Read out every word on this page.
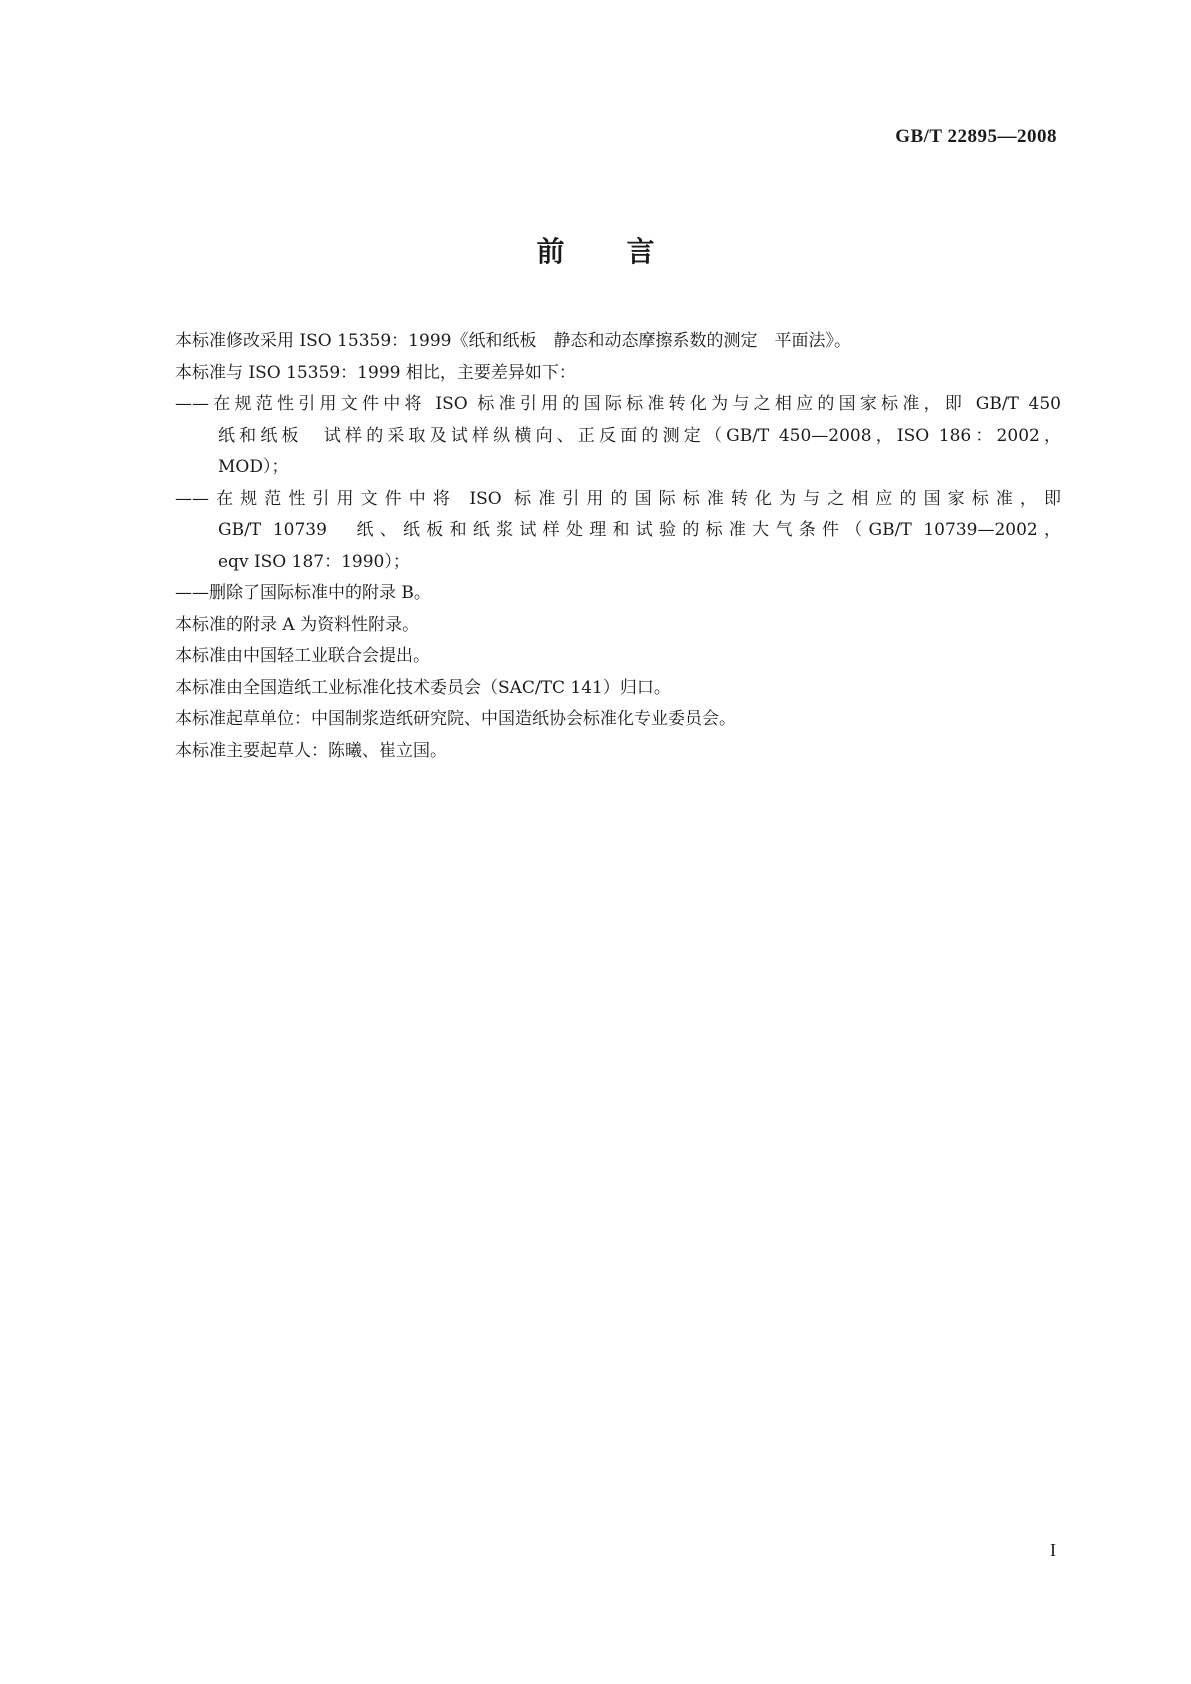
GB/T 22895—2008
前言

本标准修改采用 ISO 15359：1999《纸和纸板　静态和动态摩擦系数的测定　平面法》。

本标准与 ISO 15359：1999 相比，主要差异如下：

——在规范性引用文件中将 ISO 标准引用的国际标准转化为与之相应的国家标准，即 GB/T 450
纸和纸板　试样的采取及试样纵横向、正反面的测定（GB/T 450—2008，ISO 186：2002，
MOD）；
——在规范性引用文件中将 ISO 标准引用的国际标准转化为与之相应的国家标准，即
GB/T 10739　纸、纸板和纸浆试样处理和试验的标准大气条件（GB/T 10739—2002，
eqv ISO 187：1990）；
——删除了国际标准中的附录 B。

本标准的附录 A 为资料性附录。

本标准由中国轻工业联合会提出。

本标准由全国造纸工业标准化技术委员会（SAC/TC 141）归口。

本标准起草单位：中国制浆造纸研究院、中国造纸协会标准化专业委员会。

本标准主要起草人：陈曦、崔立国。

I
